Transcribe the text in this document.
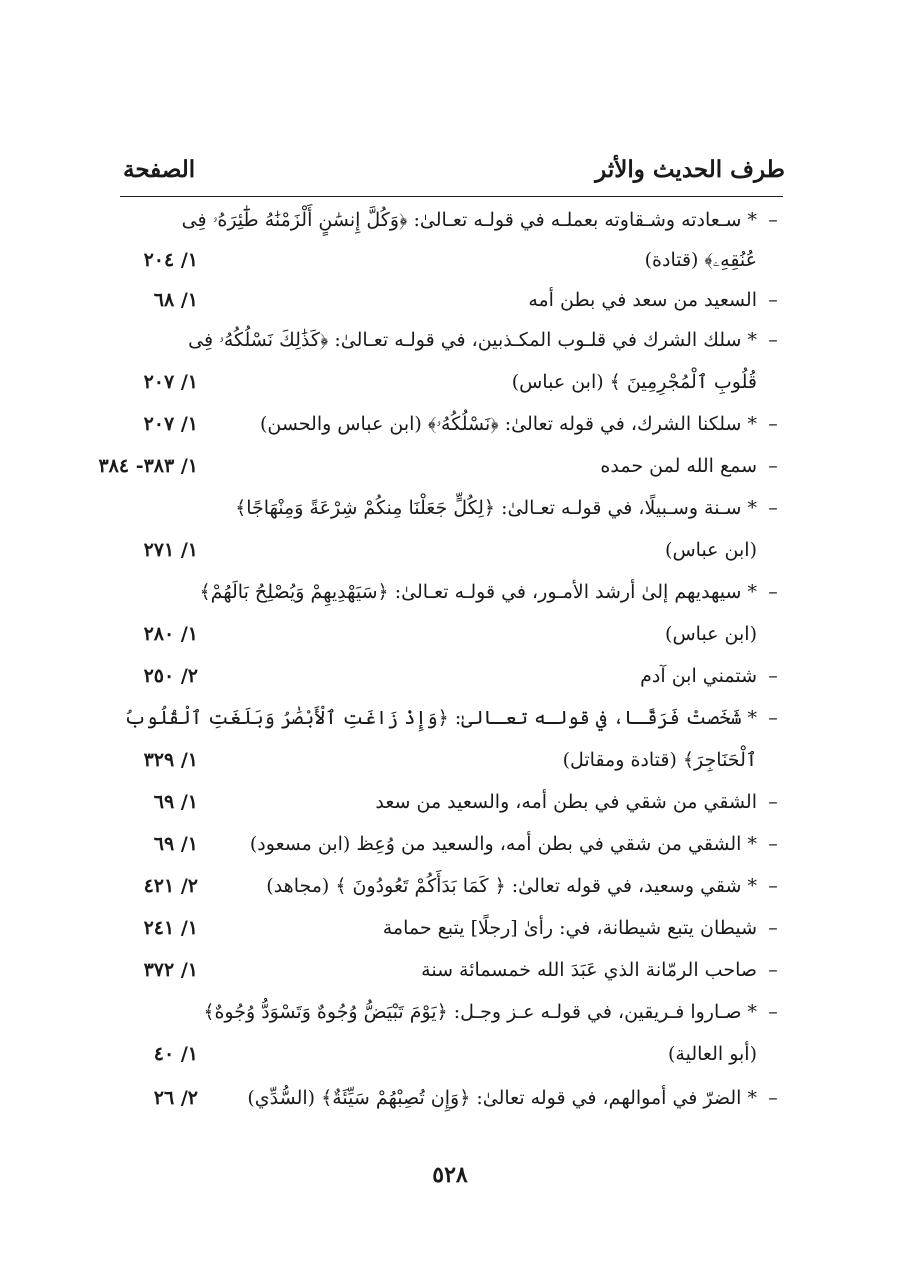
طرف الحديث والأثر
الصفحة
–
* سـعادته وشـقاوته بعملـه في قولـه تعـالىٰ: ﴿وَكُلَّ إِنسَٰنٍ أَلْزَمْنَٰهُ طَٰٓئِرَهُۥ فِى
عُنُقِهِۦ﴾ (قتادة)
١/ ٢٠٤
–
السعيد من سعد في بطن أمه
١/ ٦٨
–
* سلك الشرك في قلـوب المكـذبين، في قولـه تعـالىٰ: ﴿كَذَٰلِكَ نَسْلُكُهُۥ فِى
قُلُوبِ ٱلْمُجْرِمِينَ ﴾ (ابن عباس)
١/ ٢٠٧
–
* سلكنا الشرك، في قوله تعالىٰ: ﴿نَسْلُكُهُۥ﴾ (ابن عباس والحسن)
١/ ٢٠٧
–
سمع الله لمن حمده
١/ ٣٨٣- ٣٨٤
–
* سـنة وسـبيلًا، في قولـه تعـالىٰ: ﴿لِكُلٍّ جَعَلْنَا مِنكُمْ شِرْعَةً وَمِنْهَاجًا﴾
(ابن عباس)
١/ ٢٧١
–
* سيهديهم إلىٰ أرشد الأمـور، في قولـه تعـالىٰ: ﴿سَيَهْدِيهِمْ وَيُصْلِحُ بَالَهُمْ﴾
(ابن عباس)
١/ ٢٨٠
–
شتمني ابن آدم
٢/ ٢٥٠
–
* شَخَصتْ فَرَقًـا، في قولـه تعـالىٰ: ﴿وَإِذْ زَاغَتِ ٱلْأَبْصَٰرُ وَبَلَغَتِ ٱلْقُلُوبُ
ٱلْحَنَاجِرَ﴾ (قتادة ومقاتل)
١/ ٣٢٩
–
الشقي من شقي في بطن أمه، والسعيد من سعد
١/ ٦٩
–
* الشقي من شقي في بطن أمه، والسعيد من وُعِظ (ابن مسعود)
١/ ٦٩
–
* شقي وسعيد، في قوله تعالىٰ: ﴿ كَمَا بَدَأَكُمْ تَعُودُونَ ﴾ (مجاهد)
٢/ ٤٢١
–
شيطان يتبع شيطانة، في: رأىٰ [رجلًا] يتبع حمامة
١/ ٢٤١
–
صاحب الرمّانة الذي عَبَدَ الله خمسمائة سنة
١/ ٣٧٢
–
* صـاروا فـريقين، في قولـه عـز وجـل: ﴿يَوْمَ تَبْيَضُّ وُجُوهٌ وَتَسْوَدُّ وُجُوهٌ﴾
(أبو العالية)
١/ ٤٠
–
* الضرّ في أموالهم، في قوله تعالىٰ: ﴿وَإِن تُصِبْهُمْ سَيِّئَةٌ﴾ (السُّدِّي)
٢/ ٢٦
٥٢٨
